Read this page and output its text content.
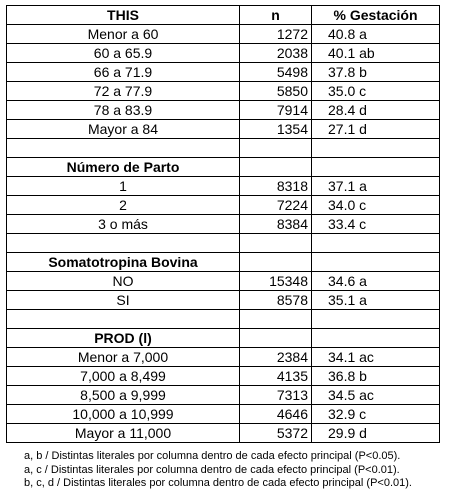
THIS	n	% Gestación
Menor a 60	1272	40.8 a
60 a 65.9	2038	40.1 ab
66 a 71.9	5498	37.8 b
72 a 77.9	5850	35.0 c
78 a 83.9	7914	28.4 d
Mayor a 84	1354	27.1 d

Número de Parto		
1	8318	37.1 a
2	7224	34.0 c
3 o más	8384	33.4 c

Somatotropina Bovina		
NO	15348	34.6 a
SI	8578	35.1 a

PROD (l)		
Menor a 7,000	2384	34.1 ac
7,000 a 8,499	4135	36.8 b
8,500 a 9,999	7313	34.5 ac
10,000 a 10,999	4646	32.9 c
Mayor a 11,000	5372	29.9 d
a, b / Distintas literales por columna dentro de cada efecto principal (P<0.05).
a, c / Distintas literales por columna dentro de cada efecto principal (P<0.01).
b, c, d / Distintas literales por columna dentro de cada efecto principal (P<0.01).
